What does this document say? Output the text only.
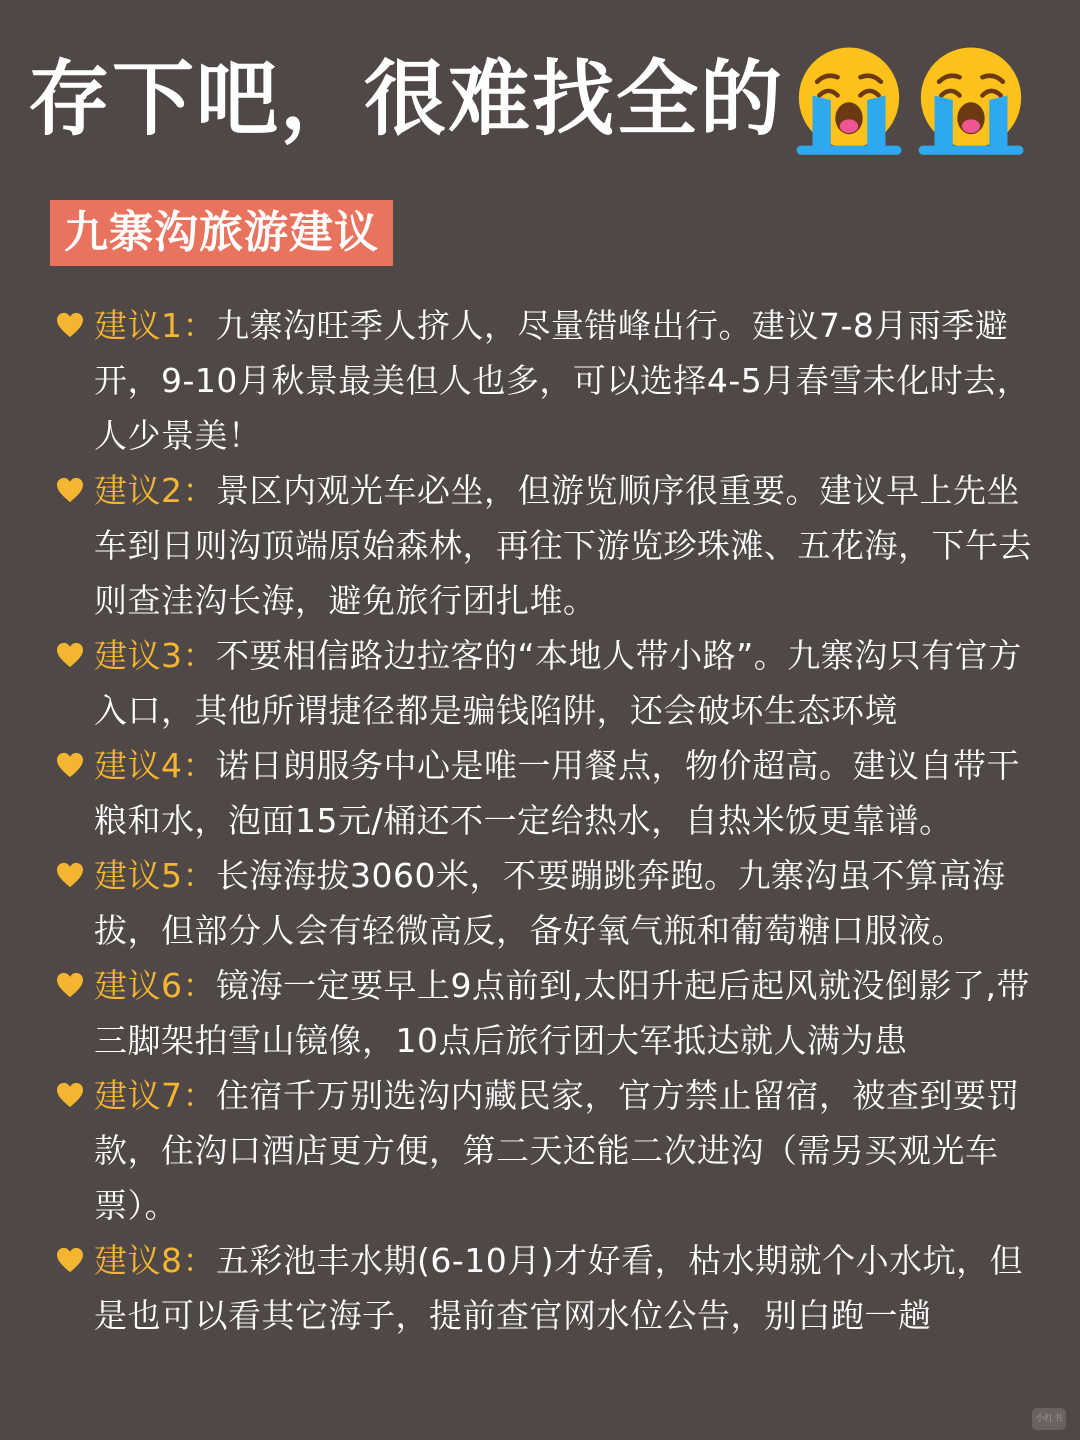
存下吧，很难找全的
九寨沟旅游建议
建议1：九寨沟旺季人挤人，尽量错峰出行。建议7-8月雨季避开，9-10月秋景最美但人也多，可以选择4-5月春雪未化时去，人少景美！
建议2：景区内观光车必坐，但游览顺序很重要。建议早上先坐车到日则沟顶端原始森林，再往下游览珍珠滩、五花海，下午去则查洼沟长海，避免旅行团扎堆。
建议3：不要相信路边拉客的“本地人带小路”。九寨沟只有官方入口，其他所谓捷径都是骗钱陷阱，还会破坏生态环境
建议4：诺日朗服务中心是唯一用餐点，物价超高。建议自带干粮和水，泡面15元/桶还不一定给热水，自热米饭更靠谱。
建议5：长海海拔3060米，不要蹦跳奔跑。九寨沟虽不算高海拔，但部分人会有轻微高反，备好氧气瓶和葡萄糖口服液。
建议6：镜海一定要早上9点前到,太阳升起后起风就没倒影了,带三脚架拍雪山镜像，10点后旅行团大军抵达就人满为患
建议7：住宿千万别选沟内藏民家，官方禁止留宿，被查到要罚款，住沟口酒店更方便，第二天还能二次进沟（需另买观光车票）。
建议8：五彩池丰水期(6-10月)才好看，枯水期就个小水坑，但是也可以看其它海子，提前查官网水位公告，别白跑一趟
小红书
